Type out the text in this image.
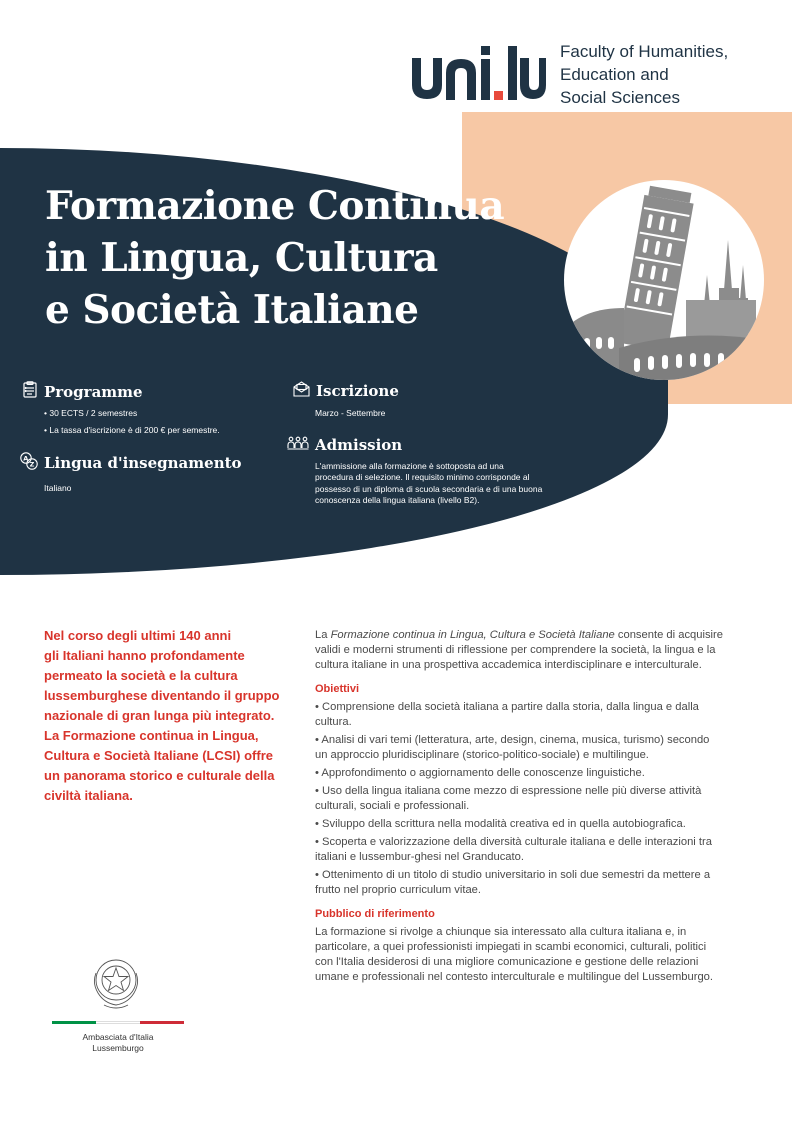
Faculty of Humanities,
Education and
Social Sciences
Formazione Continua
in Lingua, Cultura
e Società Italiane
Programme
• 30 ECTS / 2 semestres
• La tassa d'iscrizione è di 200 € per semestre.
A
Z Lingua d'insegnamento
Italiano
Iscrizione
Marzo - Settembre
Admission
L'ammissione alla formazione è sottoposta ad una
procedura di selezione. Il requisito minimo corrisponde al
possesso di un diploma di scuola secondaria e di una buona
conoscenza della lingua italiana (livello B2).
Nel corso degli ultimi 140 anni
gli Italiani hanno profondamente
permeato la società e la cultura
lussemburghese diventando il gruppo
nazionale di gran lunga più integrato.
La Formazione continua in Lingua,
Cultura e Società Italiane (LCSI) offre
un panorama storico e culturale della
civiltà italiana.
La Formazione continua in Lingua, Cultura e Società Italiane consente di acquisire
validi e moderni strumenti di riflessione per comprendere la società, la lingua e la
cultura italiane in una prospettiva accademica interdisciplinare e interculturale.
Obiettivi
• Comprensione della società italiana a partire dalla storia, dalla lingua e dalla
cultura.
• Analisi di vari temi (letteratura, arte, design, cinema, musica, turismo) secondo
un approccio pluridisciplinare (storico-politico-sociale) e multilingue.
• Approfondimento o aggiornamento delle conoscenze linguistiche.
• Uso della lingua italiana come mezzo di espressione nelle più diverse attività
culturali, sociali e professionali.
• Sviluppo della scrittura nella modalità creativa ed in quella autobiografica.
• Scoperta e valorizzazione della diversità culturale italiana e delle interazioni tra
italiani e lussembur-ghesi nel Granducato.
• Ottenimento di un titolo di studio universitario in soli due semestri da mettere a
frutto nel proprio curriculum vitae.
Pubblico di riferimento
La formazione si rivolge a chiunque sia interessato alla cultura italiana e, in
particolare, a quei professionisti impiegati in scambi economici, culturali, politici
con l'Italia desiderosi di una migliore comunicazione e gestione delle relazioni
umane e professionali nel contesto interculturale e multilingue del Lussemburgo.
Ambasciata d'Italia
Lussemburgo
